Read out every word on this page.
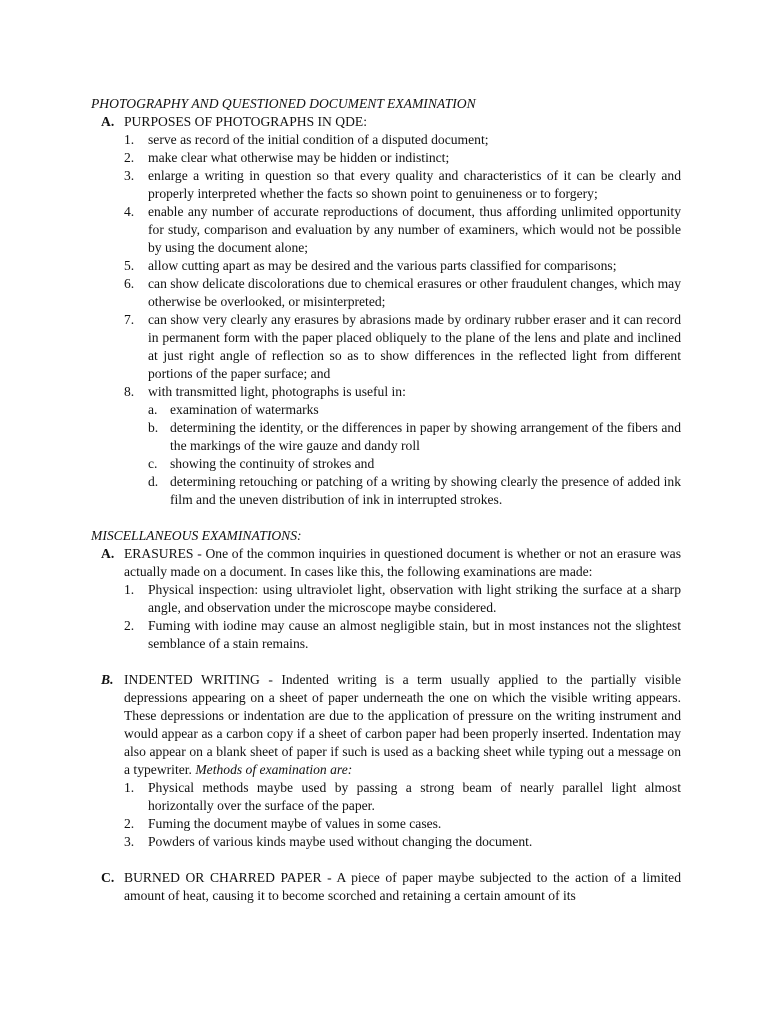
PHOTOGRAPHY AND QUESTIONED DOCUMENT EXAMINATION

A. PURPOSES OF PHOTOGRAPHS IN QDE:
1. serve as record of the initial condition of a disputed document;
2. make clear what otherwise may be hidden or indistinct;
3. enlarge a writing in question so that every quality and characteristics of it can be clearly and properly interpreted whether the facts so shown point to genuineness or to forgery;
4. enable any number of accurate reproductions of document, thus affording unlimited opportunity for study, comparison and evaluation by any number of examiners, which would not be possible by using the document alone;
5. allow cutting apart as may be desired and the various parts classified for comparisons;
6. can show delicate discolorations due to chemical erasures or other fraudulent changes, which may otherwise be overlooked, or misinterpreted;
7. can show very clearly any erasures by abrasions made by ordinary rubber eraser and it can record in permanent form with the paper placed obliquely to the plane of the lens and plate and inclined at just right angle of reflection so as to show differences in the reflected light from different portions of the paper surface; and
8. with transmitted light, photographs is useful in:
a. examination of watermarks
b. determining the identity, or the differences in paper by showing arrangement of the fibers and the markings of the wire gauze and dandy roll
c. showing the continuity of strokes and
d. determining retouching or patching of a writing by showing clearly the presence of added ink film and the uneven distribution of ink in interrupted strokes.

MISCELLANEOUS EXAMINATIONS:

A. ERASURES - One of the common inquiries in questioned document is whether or not an erasure was actually made on a document. In cases like this, the following examinations are made:
1. Physical inspection: using ultraviolet light, observation with light striking the surface at a sharp angle, and observation under the microscope maybe considered.
2. Fuming with iodine may cause an almost negligible stain, but in most instances not the slightest semblance of a stain remains.
B. INDENTED WRITING - Indented writing is a term usually applied to the partially visible depressions appearing on a sheet of paper underneath the one on which the visible writing appears. These depressions or indentation are due to the application of pressure on the writing instrument and would appear as a carbon copy if a sheet of carbon paper had been properly inserted. Indentation may also appear on a blank sheet of paper if such is used as a backing sheet while typing out a message on a typewriter. Methods of examination are:
1. Physical methods maybe used by passing a strong beam of nearly parallel light almost horizontally over the surface of the paper.
2. Fuming the document maybe of values in some cases.
3. Powders of various kinds maybe used without changing the document.
C. BURNED OR CHARRED PAPER - A piece of paper maybe subjected to the action of a limited amount of heat, causing it to become scorched and retaining a certain amount of its
